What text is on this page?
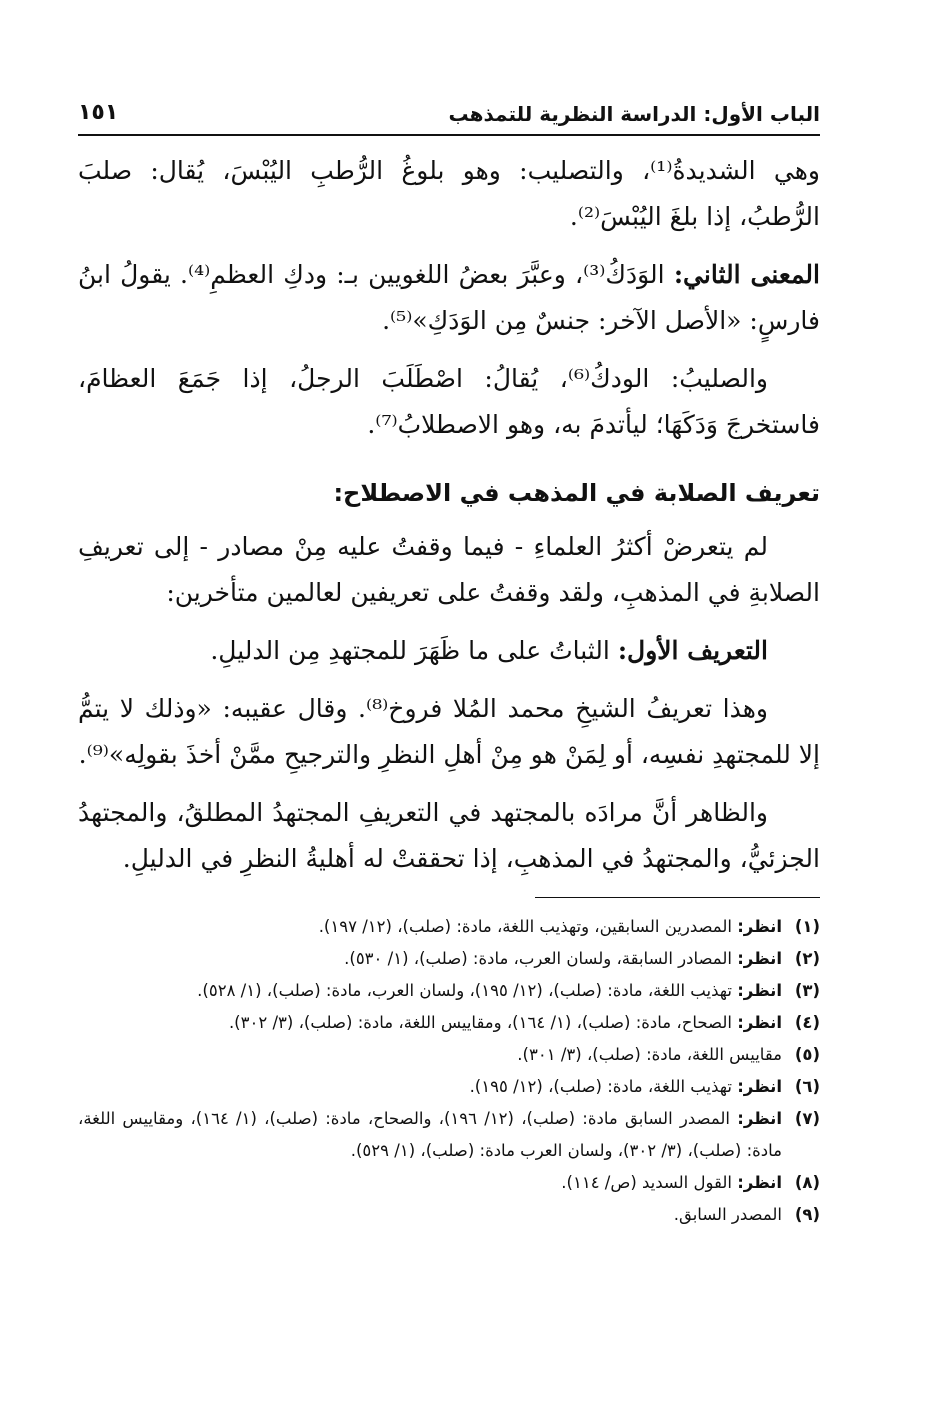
الباب الأول: الدراسة النظرية للتمذهب
١٥١

وهي الشديدةُ⁽¹⁾، والتصليب: وهو بلوغُ الرُّطبِ اليُبْسَ، يُقال: صلبَ الرُّطبُ، إذا بلغَ اليُبْسَ⁽²⁾.

المعنى الثاني: الوَدَكُ⁽³⁾، وعبَّرَ بعضُ اللغويين بـ: ودكِ العظمِ⁽⁴⁾. يقولُ ابنُ فارسٍ: «الأصل الآخر: جنسٌ مِن الوَدَكِ»⁽⁵⁾.

والصليبُ: الودكُ⁽⁶⁾، يُقالُ: اصْطَلَبَ الرجلُ، إذا جَمَعَ العظامَ، فاستخرجَ وَدَكَهَا؛ ليأتدمَ به، وهو الاصطلابُ⁽⁷⁾.

تعريف الصلابة في المذهب في الاصطلاح:

لم يتعرضْ أكثرُ العلماءِ - فيما وقفتُ عليه مِنْ مصادر - إلى تعريفِ الصلابةِ في المذهبِ، ولقد وقفتُ على تعريفين لعالمين متأخرين:

التعريف الأول: الثباتُ على ما ظَهَرَ للمجتهدِ مِن الدليلِ.

وهذا تعريفُ الشيخِ محمد المُلا فروخ⁽⁸⁾. وقال عقيبه: «وذلك لا يتمُّ إلا للمجتهدِ نفسِه، أو لِمَنْ هو مِنْ أهلِ النظرِ والترجيحِ ممَّنْ أخذَ بقولِه»⁽⁹⁾.

والظاهر أنَّ مرادَه بالمجتهد في التعريفِ المجتهدُ المطلقُ، والمجتهدُ الجزئيُّ، والمجتهدُ في المذهبِ، إذا تحققتْ له أهليةُ النظرِ في الدليلِ.

(١)
انظر: المصدرين السابقين، وتهذيب اللغة، مادة: (صلب)، (١٢/ ١٩٧).
(٢)
انظر: المصادر السابقة، ولسان العرب، مادة: (صلب)، (١/ ٥٣٠).
(٣)
انظر: تهذيب اللغة، مادة: (صلب)، (١٢/ ١٩٥)، ولسان العرب، مادة: (صلب)، (١/ ٥٢٨).
(٤)
انظر: الصحاح، مادة: (صلب)، (١/ ١٦٤)، ومقاييس اللغة، مادة: (صلب)، (٣/ ٣٠٢).
(٥)
مقاييس اللغة، مادة: (صلب)، (٣/ ٣٠١).
(٦)
انظر: تهذيب اللغة، مادة: (صلب)، (١٢/ ١٩٥).
(٧)
انظر: المصدر السابق مادة: (صلب)، (١٢/ ١٩٦)، والصحاح، مادة: (صلب)، (١/ ١٦٤)، ومقاييس اللغة، مادة: (صلب)، (٣/ ٣٠٢)، ولسان العرب مادة: (صلب)، (١/ ٥٢٩).
(٨)
انظر: القول السديد (ص/ ١١٤).
(٩)
المصدر السابق.
